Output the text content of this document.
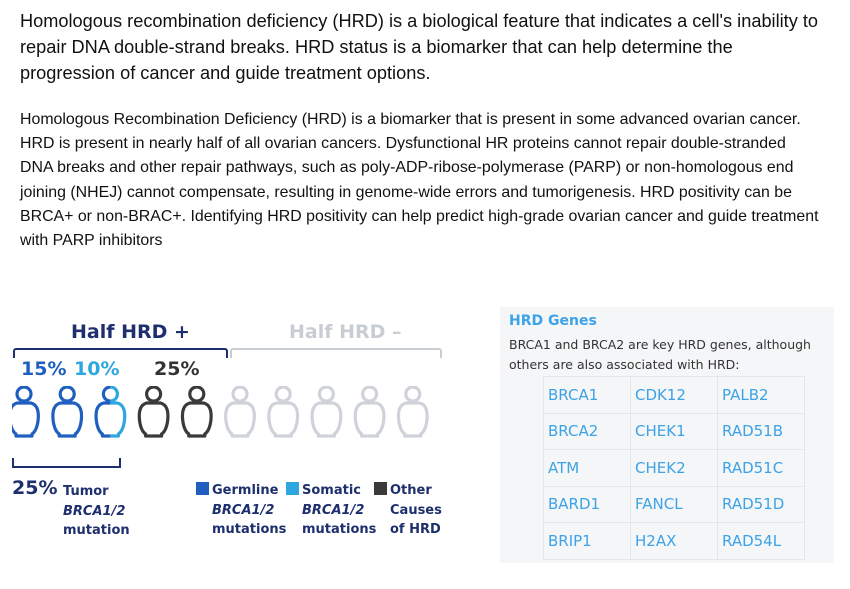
Homologous recombination deficiency (HRD) is a biological feature that indicates a cell's inability to repair DNA double-strand breaks. HRD status is a biomarker that can help determine the progression of cancer and guide treatment options.

Homologous Recombination Deficiency (HRD) is a biomarker that is present in some advanced ovarian cancer. HRD is present in nearly half of all ovarian cancers. Dysfunctional HR proteins cannot repair double-stranded DNA breaks and other repair pathways, such as poly-ADP-ribose-polymerase (PARP) or non-homologous end joining (NHEJ) cannot compensate, resulting in genome-wide errors and tumorigenesis. HRD positivity can be BRCA+ or non-BRAC+. Identifying HRD positivity can help predict high-grade ovarian cancer and guide treatment with PARP inhibitors

Half HRD +	Half HRD –
15% 10% 25%
25% Tumor
BRCA1/2
mutation
Germline
BRCA1/2
mutations
Somatic
BRCA1/2
mutations
Other
Causes
of HRD
HRD Genes
BRCA1 and BRCA2 are key HRD genes, although others are also associated with HRD:
BRCA1	CDK12	PALB2
BRCA2	CHEK1	RAD51B
ATM	CHEK2	RAD51C
BARD1	FANCL	RAD51D
BRIP1	H2AX	RAD54L
